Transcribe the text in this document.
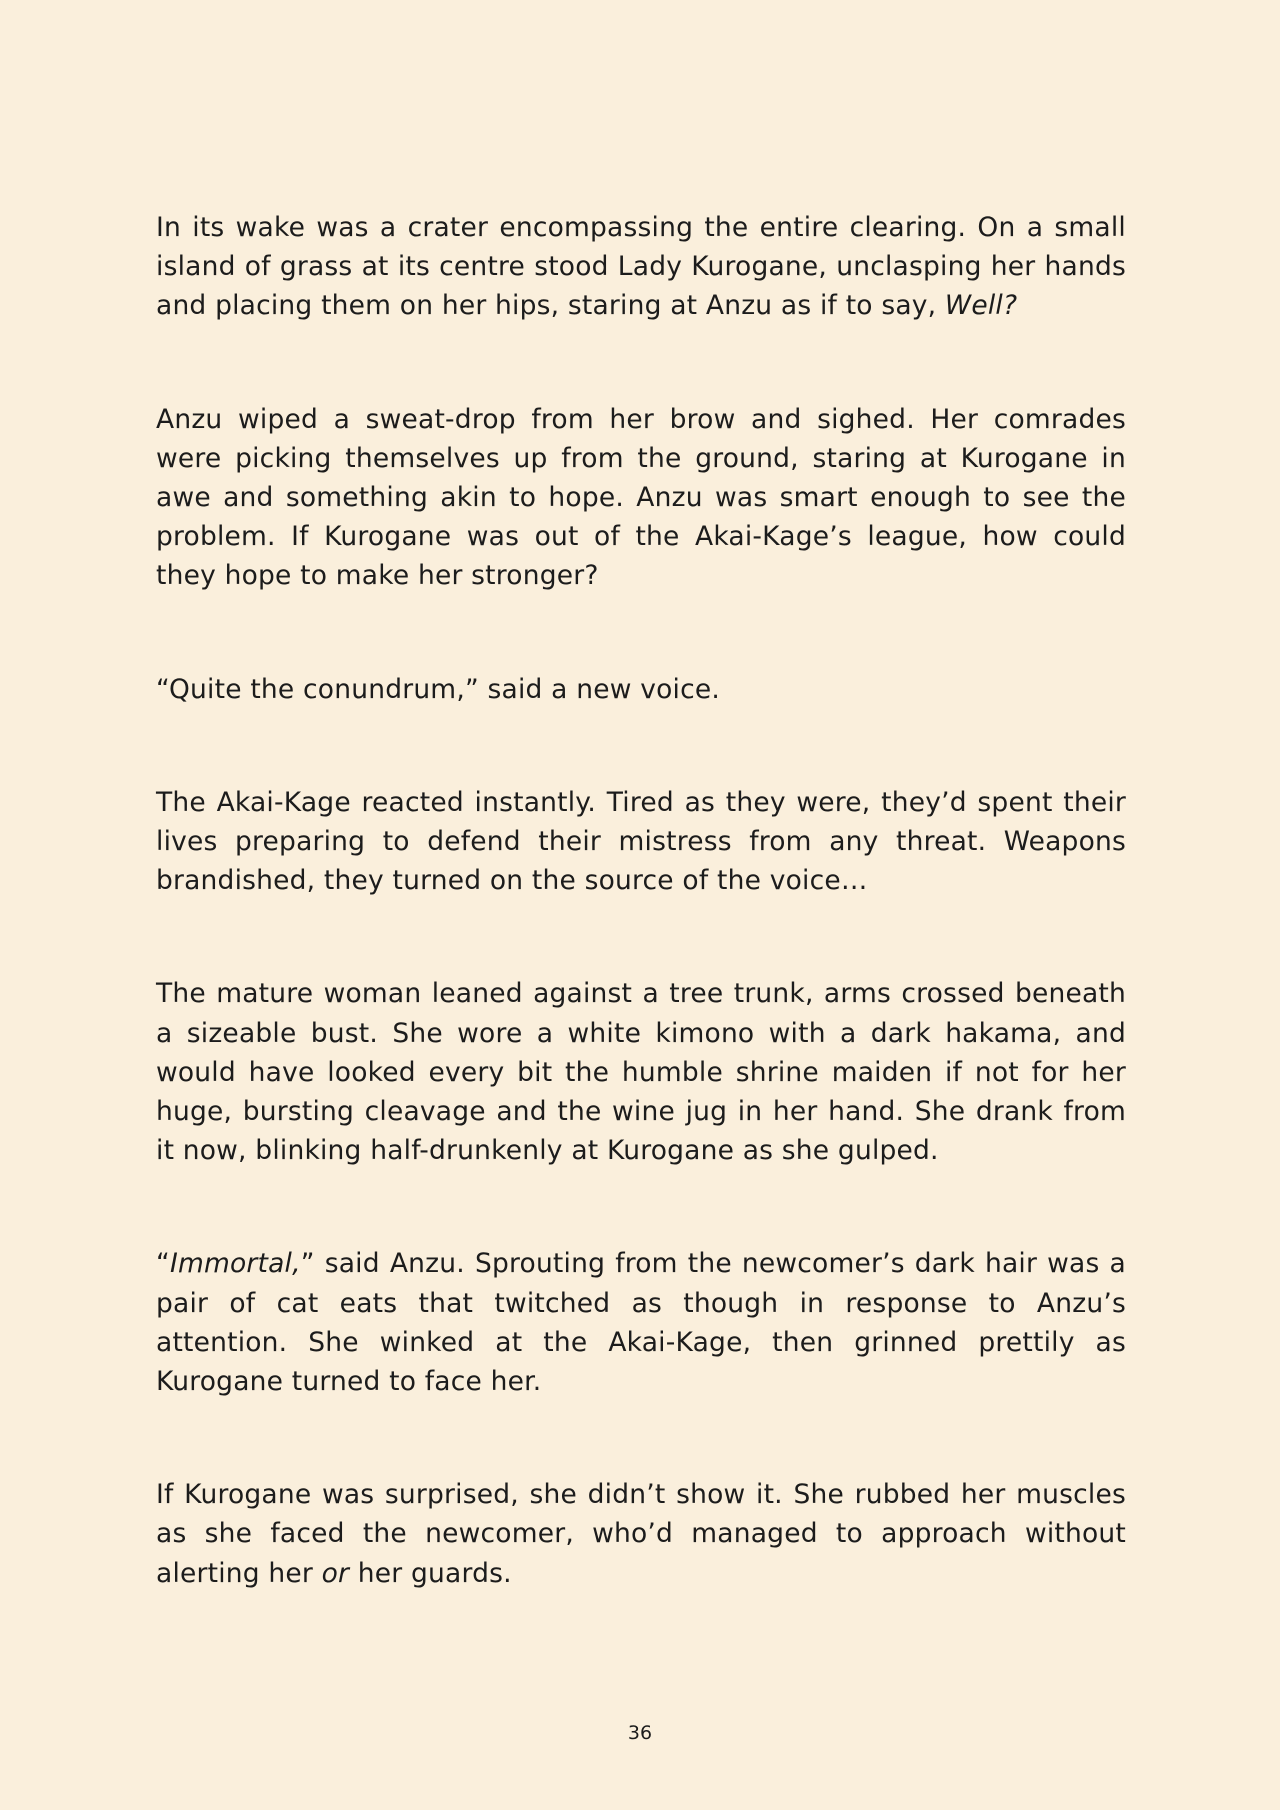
In its wake was a crater encompassing the entire clearing. On a small island of grass at its centre stood Lady Kurogane, unclasping her hands and placing them on her hips, staring at Anzu as if to say, Well?

Anzu wiped a sweat-drop from her brow and sighed. Her comrades were picking themselves up from the ground, staring at Kurogane in awe and something akin to hope. Anzu was smart enough to see the problem. If Kurogane was out of the Akai-Kage’s league, how could they hope to make her stronger?

“Quite the conundrum,” said a new voice.

The Akai-Kage reacted instantly. Tired as they were, they’d spent their lives preparing to defend their mistress from any threat. Weapons brandished, they turned on the source of the voice…

The mature woman leaned against a tree trunk, arms crossed beneath a sizeable bust. She wore a white kimono with a dark hakama, and would have looked every bit the humble shrine maiden if not for her huge, bursting cleavage and the wine jug in her hand. She drank from it now, blinking half-drunkenly at Kurogane as she gulped.

“Immortal,” said Anzu. Sprouting from the newcomer’s dark hair was a pair of cat eats that twitched as though in response to Anzu’s attention. She winked at the Akai-Kage, then grinned prettily as Kurogane turned to face her.

If Kurogane was surprised, she didn’t show it. She rubbed her muscles as she faced the newcomer, who’d managed to approach without alerting her or her guards.

36
